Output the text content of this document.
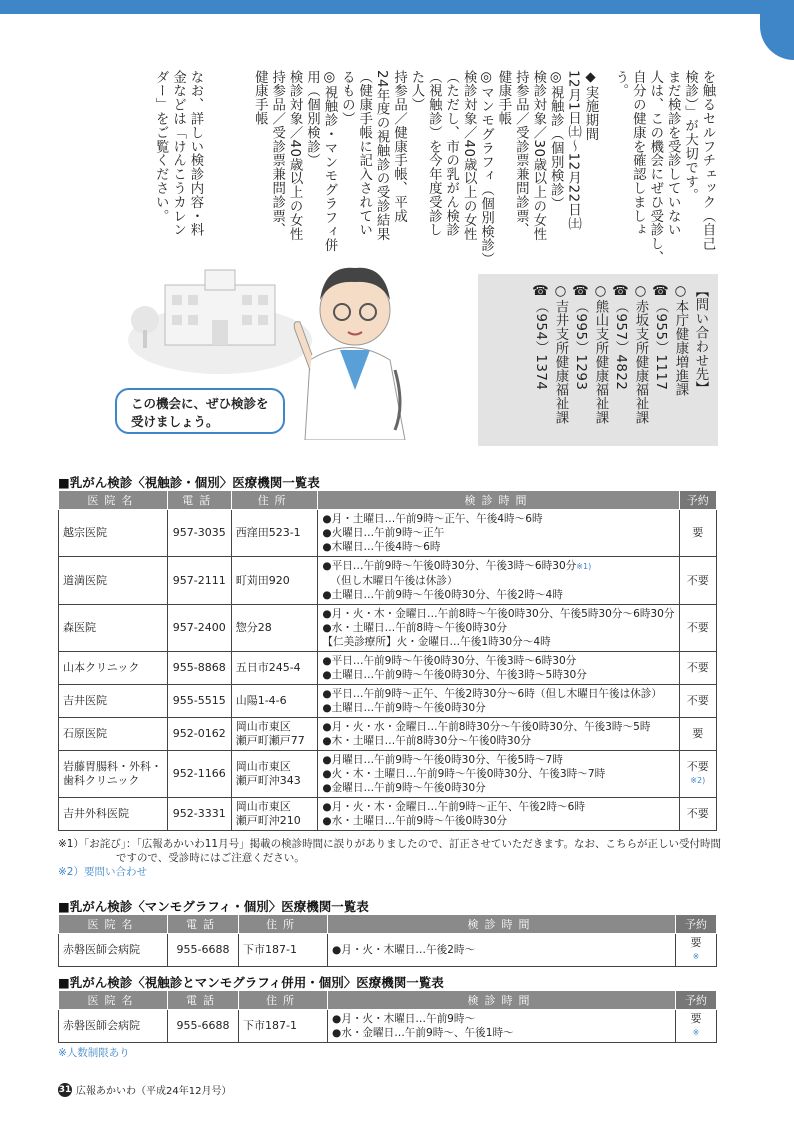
を触るセルフチェック（自己
検診）」が大切です。
まだ検診を受診していない
人は、この機会にぜひ受診し、
自分の健康を確認しましょ
う。
◆実施期間
12月1日㈯〜12月22日㈯
◎視触診（個別検診）
検診対象／30歳以上の女性
持参品／受診票兼問診票、
健康手帳
◎マンモグラフィ（個別検診）
検診対象／40歳以上の女性
（ただし、市の乳がん検診
（視触診）を今年度受診し
た人）
持参品／健康手帳、平成
24年度の視触診の受診結果
（健康手帳に記入されてい
るもの）
◎視触診・マンモグラフィ併
用（個別検診）
検診対象／40歳以上の女性
持参品／受診票兼問診票、
健康手帳
なお、詳しい検診内容・料
金などは「けんこうカレン
ダー」をご覧ください。
【問い合わせ先】
○本庁健康増進課
☎（955）1117
○赤坂支所健康福祉課
☎（957）4822
○熊山支所健康福祉課
☎（995）1293
○吉井支所健康福祉課
☎（954）1374
この機会に、ぜひ検診を
受けましょう。
■乳がん検診〈視触診・個別〉医療機関一覧表
医院名	電話	住所	検診時間	予約

越宗医院	957-3035	西窪田523-1	●月・土曜日…午前9時〜正午、午後4時〜6時
●火曜日…午前9時〜正午
●木曜日…午後4時〜6時	要

道満医院	957-2111	町苅田920	●平日…午前9時〜午後0時30分、午後3時〜6時30分※1)
（但し木曜日午後は休診）
●土曜日…午前9時〜午後0時30分、午後2時〜4時	不要

森医院	957-2400	惣分28	●月・火・木・金曜日…午前8時〜午後0時30分、午後5時30分〜6時30分
●水・土曜日…午前8時〜午後0時30分
【仁美診療所】火・金曜日…午後1時30分〜4時	不要

山本クリニック	955-8868	五日市245-4	●平日…午前9時〜午後0時30分、午後3時〜6時30分
●土曜日…午前9時〜午後0時30分、午後3時〜5時30分	不要

吉井医院	955-5515	山陽1-4-6	●平日…午前9時〜正午、午後2時30分〜6時（但し木曜日午後は休診）
●土曜日…午前9時〜午後0時30分	不要

石原医院	952-0162	岡山市東区
瀬戸町瀬戸77	●月・火・水・金曜日…午前8時30分〜午後0時30分、午後3時〜5時
●木・土曜日…午前8時30分〜午後0時30分	要

岩藤胃腸科・外科・
歯科クリニック	952-1166	岡山市東区
瀬戸町沖343	●月曜日…午前9時〜午後0時30分、午後5時〜7時
●火・木・土曜日…午前9時〜午後0時30分、午後3時〜7時
●金曜日…午前9時〜午後0時30分	不要
※2)

吉井外科医院	952-3331	岡山市東区
瀬戸町沖210	●月・火・木・金曜日…午前9時〜正午、午後2時〜6時
●水・土曜日…午前9時〜午後0時30分	不要
※1）「お詫び」：「広報あかいわ11月号」掲載の検診時間に誤りがありましたので、訂正させていただきます。なお、こちらが正しい受付時間
ですので、受診時にはご注意ください。
※2）要問い合わせ
■乳がん検診〈マンモグラフィ・個別〉医療機関一覧表
医院名	電話	住所	検診時間	予約

赤磐医師会病院	955-6688	下市187-1	●月・火・木曜日…午後2時〜	要
※
■乳がん検診〈視触診とマンモグラフィ併用・個別〉医療機関一覧表
医院名	電話	住所	検診時間	予約

赤磐医師会病院	955-6688	下市187-1	●月・火・木曜日…午前9時〜
●水・金曜日…午前9時〜、午後1時〜	要
※
※人数制限あり
31 広報あかいわ（平成24年12月号）
